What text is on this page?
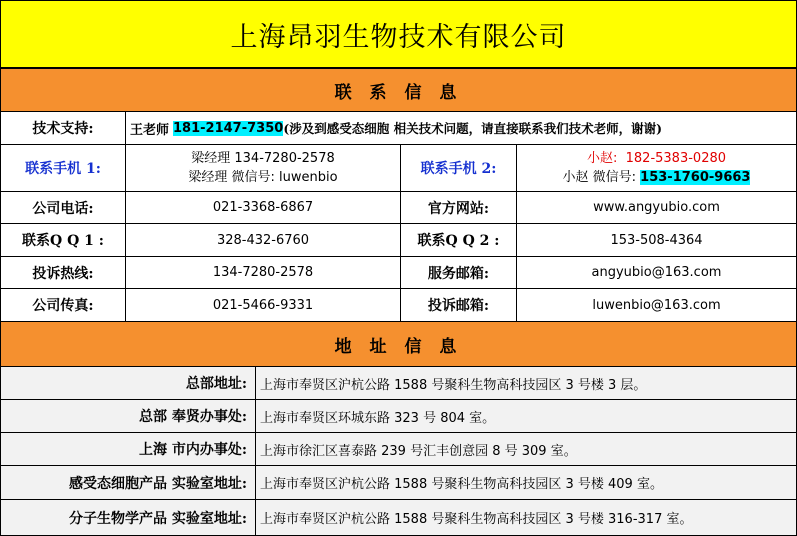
上海昂羽生物技术有限公司
联 系 信 息
技术支持:	王老师 181-2147-7350 (涉及到感受态细胞 相关技术问题，请直接联系我们技术老师，谢谢)
联系手机 1:
梁经理 134-7280-2578
梁经理 微信号: luwenbio
联系手机 2:
小赵: 182-5383-0280
小赵 微信号: 153-1760-9663
公司电话:	021-3368-6867	官方网站:	www.angyubio.com
联系Q Q 1 :	328-432-6760	联系Q Q 2 :	153-508-4364
投诉热线:	134-7280-2578	服务邮箱:	angyubio@163.com
公司传真:	021-5466-9331	投诉邮箱:	luwenbio@163.com
地 址 信 息
总部地址:	上海市奉贤区沪杭公路 1588 号聚科生物高科技园区 3 号楼 3 层。
总部 奉贤办事处:	上海市奉贤区环城东路 323 号 804 室。
上海 市内办事处:	上海市徐汇区喜泰路 239 号汇丰创意园 8 号 309 室。
感受态细胞产品 实验室地址:	上海市奉贤区沪杭公路 1588 号聚科生物高科技园区 3 号楼 409 室。
分子生物学产品 实验室地址:	上海市奉贤区沪杭公路 1588 号聚科生物高科技园区 3 号楼 316-317 室。
